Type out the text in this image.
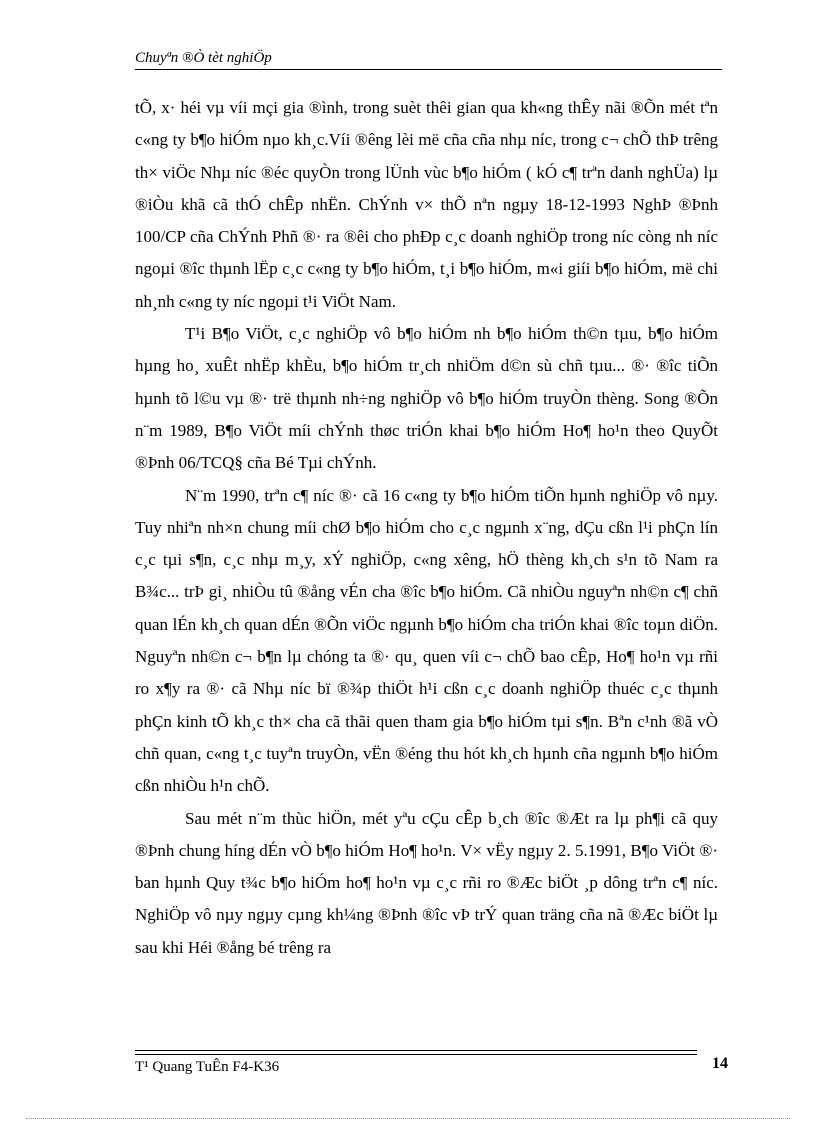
Chuyªn ®Ò tèt nghiÖp

tÕ, x· héi vµ víi mçi gia ®ình, trong suèt thêi gian qua kh«ng thÊy nãi ®Õn mét tªn c«ng ty b¶o hiÓm nµo kh¸c.Víi ®êng lèi më cña cña nhµ níc, trong c¬ chÕ thÞ trêng th× viÖc Nhµ níc ®éc quyÒn trong lÜnh vùc b¶o hiÓm ( kÓ c¶ trªn danh nghÜa) lµ ®iÒu khã cã thÓ chÊp nhËn. ChÝnh v× thÕ nªn ngµy 18-12-1993 NghÞ ®Þnh 100/CP cña ChÝnh Phñ ®· ra ®êi cho phÐp c¸c doanh nghiÖp trong níc còng nh níc ngoµi ®îc thµnh lËp c¸c c«ng ty b¶o hiÓm, t¸i b¶o hiÓm, m«i giíi b¶o hiÓm, më chi nh¸nh c«ng ty níc ngoµi t¹i ViÖt Nam.

T¹i B¶o ViÖt, c¸c nghiÖp vô b¶o hiÓm nh b¶o hiÓm th©n tµu, b¶o hiÓm hµng ho¸ xuÊt nhËp khÈu, b¶o hiÓm tr¸ch nhiÖm d©n sù chñ tµu... ®· ®îc tiÕn hµnh tõ l©u vµ ®· trë thµnh nh÷ng nghiÖp vô b¶o hiÓm truyÒn thèng. Song ®Õn n¨m 1989, B¶o ViÖt míi chÝnh thøc triÓn khai b¶o hiÓm Ho¶ ho¹n theo QuyÕt ®Þnh 06/TCQ§ cña Bé Tµi chÝnh.

N¨m 1990, trªn c¶ níc ®· cã 16 c«ng ty b¶o hiÓm tiÕn hµnh nghiÖp vô nµy. Tuy nhiªn nh×n chung míi chØ b¶o hiÓm cho c¸c ngµnh x¨ng, dÇu cßn l¹i phÇn lín c¸c tµi s¶n, c¸c nhµ m¸y, xÝ nghiÖp, c«ng xêng, hÖ thèng kh¸ch s¹n tõ Nam ra B¾c... trÞ gi¸ nhiÒu tû ®ång vÉn cha ®îc b¶o hiÓm. Cã nhiÒu nguyªn nh©n c¶ chñ quan lÉn kh¸ch quan dÉn ®Õn viÖc ngµnh b¶o hiÓm cha triÓn khai ®îc toµn diÖn. Nguyªn nh©n c¬ b¶n lµ chóng ta ®· qu¸ quen víi c¬ chÕ bao cÊp, Ho¶ ho¹n vµ rñi ro x¶y ra ®· cã Nhµ níc bï ®¾p thiÖt h¹i cßn c¸c doanh nghiÖp thuéc c¸c thµnh phÇn kinh tÕ kh¸c th× cha cã thãi quen tham gia b¶o hiÓm tµi s¶n. Bªn c¹nh ®ã vÒ chñ quan, c«ng t¸c tuyªn truyÒn, vËn ®éng thu hót kh¸ch hµnh cña ngµnh b¶o hiÓm cßn nhiÒu h¹n chÕ.

Sau mét n¨m thùc hiÖn, mét yªu cÇu cÊp b¸ch ®îc ®Æt ra lµ ph¶i cã quy ®Þnh chung híng dÉn vÒ b¶o hiÓm Ho¶ ho¹n. V× vËy ngµy 2. 5.1991, B¶o ViÖt ®· ban hµnh Quy t¾c b¶o hiÓm ho¶ ho¹n vµ c¸c rñi ro ®Æc biÖt ¸p dông trªn c¶ níc. NghiÖp vô nµy ngµy cµng kh¼ng ®Þnh ®îc vÞ trÝ quan träng cña nã ®Æc biÖt lµ sau khi Héi ®ång bé trêng ra

T¹ Quang TuÊn F4-K36	14
